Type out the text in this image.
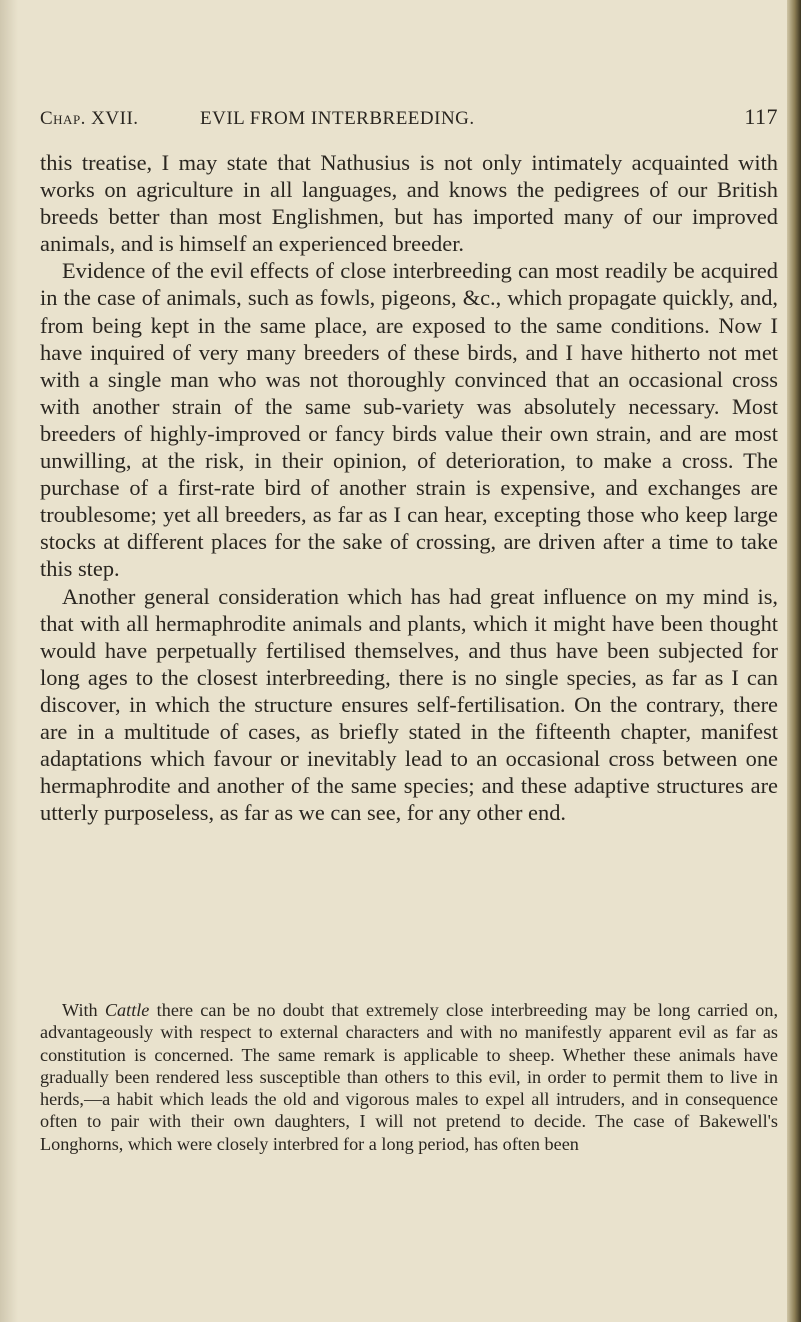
Chap. XVII.	EVIL FROM INTERBREEDING.	117

this treatise, I may state that Nathusius is not only intimately acquainted with works on agriculture in all languages, and knows the pedigrees of our British breeds better than most Englishmen, but has imported many of our improved animals, and is himself an experienced breeder.

Evidence of the evil effects of close interbreeding can most readily be acquired in the case of animals, such as fowls, pigeons, &c., which propagate quickly, and, from being kept in the same place, are exposed to the same conditions. Now I have inquired of very many breeders of these birds, and I have hitherto not met with a single man who was not thoroughly convinced that an occasional cross with another strain of the same sub-variety was absolutely necessary. Most breeders of highly-improved or fancy birds value their own strain, and are most unwilling, at the risk, in their opinion, of deterioration, to make a cross. The purchase of a first-rate bird of another strain is expensive, and exchanges are troublesome; yet all breeders, as far as I can hear, excepting those who keep large stocks at different places for the sake of crossing, are driven after a time to take this step.

Another general consideration which has had great influence on my mind is, that with all hermaphrodite animals and plants, which it might have been thought would have perpetually fertilised themselves, and thus have been subjected for long ages to the closest interbreeding, there is no single species, as far as I can discover, in which the structure ensures self-fertilisation. On the contrary, there are in a multitude of cases, as briefly stated in the fifteenth chapter, manifest adaptations which favour or inevitably lead to an occasional cross between one hermaphrodite and another of the same species; and these adaptive structures are utterly purposeless, as far as we can see, for any other end.

With Cattle there can be no doubt that extremely close interbreeding may be long carried on, advantageously with respect to external characters and with no manifestly apparent evil as far as constitution is concerned. The same remark is applicable to sheep. Whether these animals have gradually been rendered less susceptible than others to this evil, in order to permit them to live in herds,—a habit which leads the old and vigorous males to expel all intruders, and in consequence often to pair with their own daughters, I will not pretend to decide. The case of Bakewell's Longhorns, which were closely interbred for a long period, has often been
